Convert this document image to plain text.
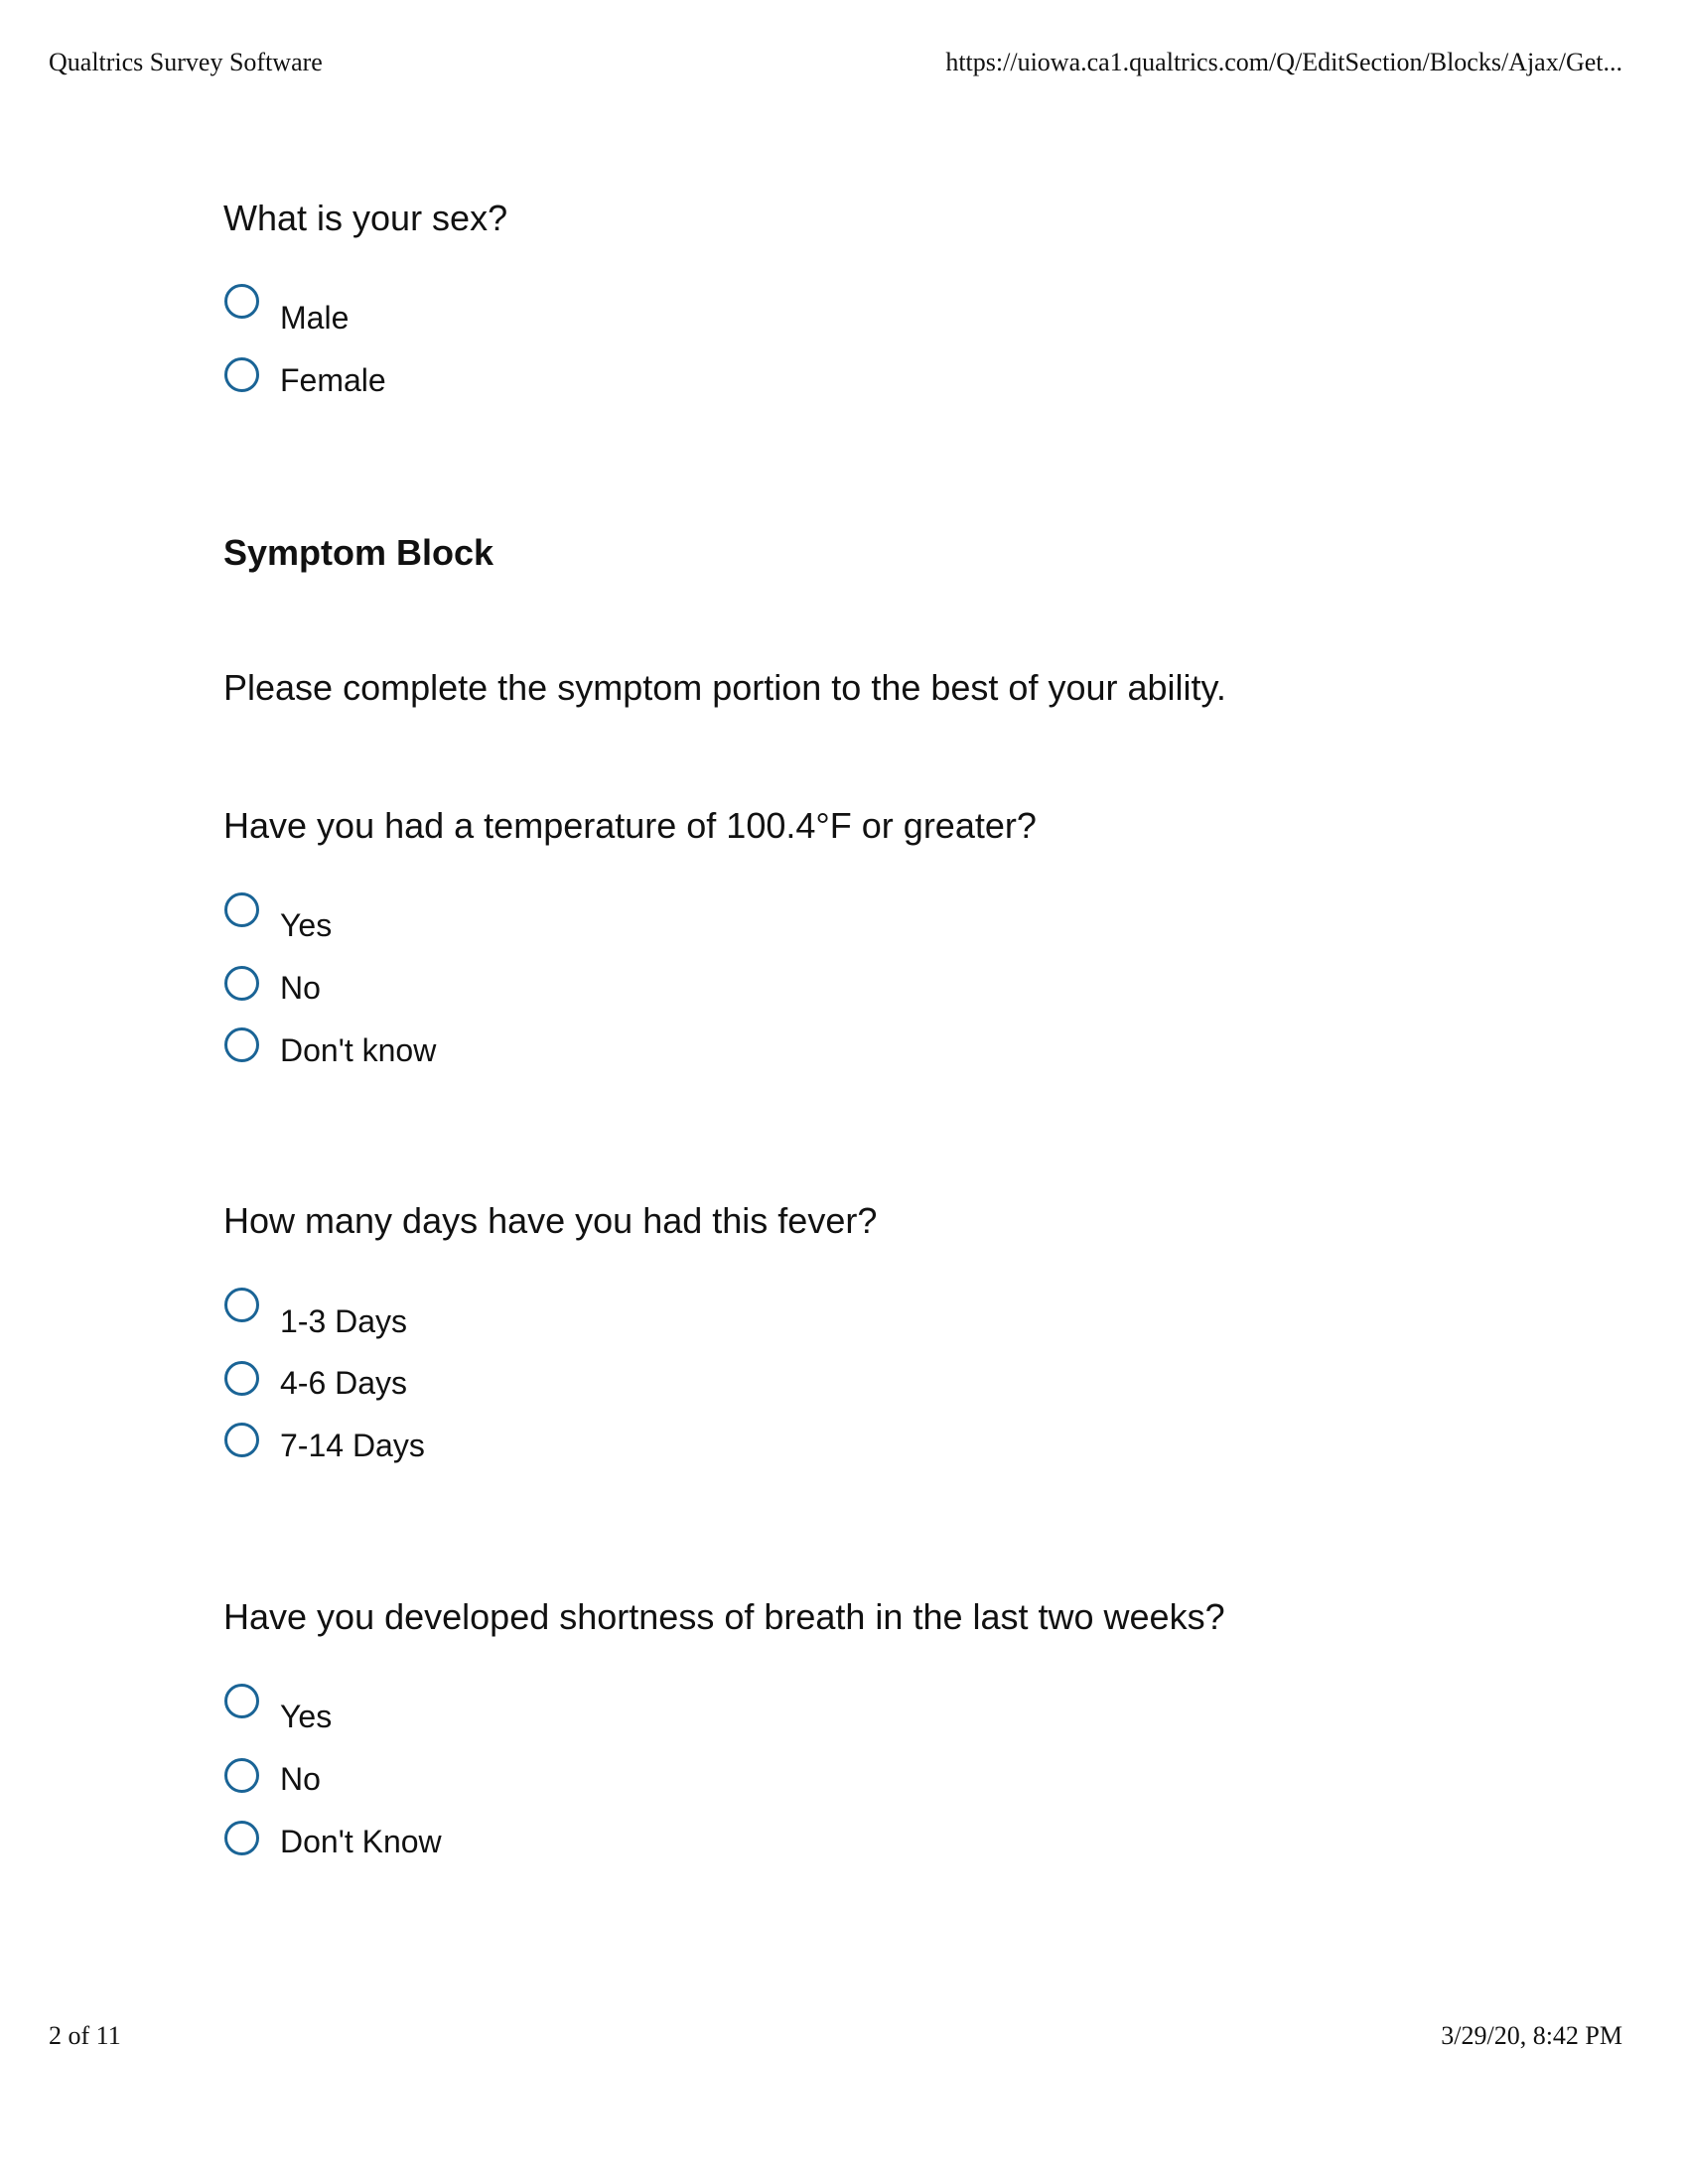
Qualtrics Survey Software	https://uiowa.ca1.qualtrics.com/Q/EditSection/Blocks/Ajax/Get...
What is your sex?
Male
Female
Symptom Block
Please complete the symptom portion to the best of your ability.
Have you had a temperature of 100.4°F or greater?
Yes
No
Don't know
How many days have you had this fever?
1-3 Days
4-6 Days
7-14 Days
Have you developed shortness of breath in the last two weeks?
Yes
No
Don't Know
2 of 11	3/29/20, 8:42 PM
